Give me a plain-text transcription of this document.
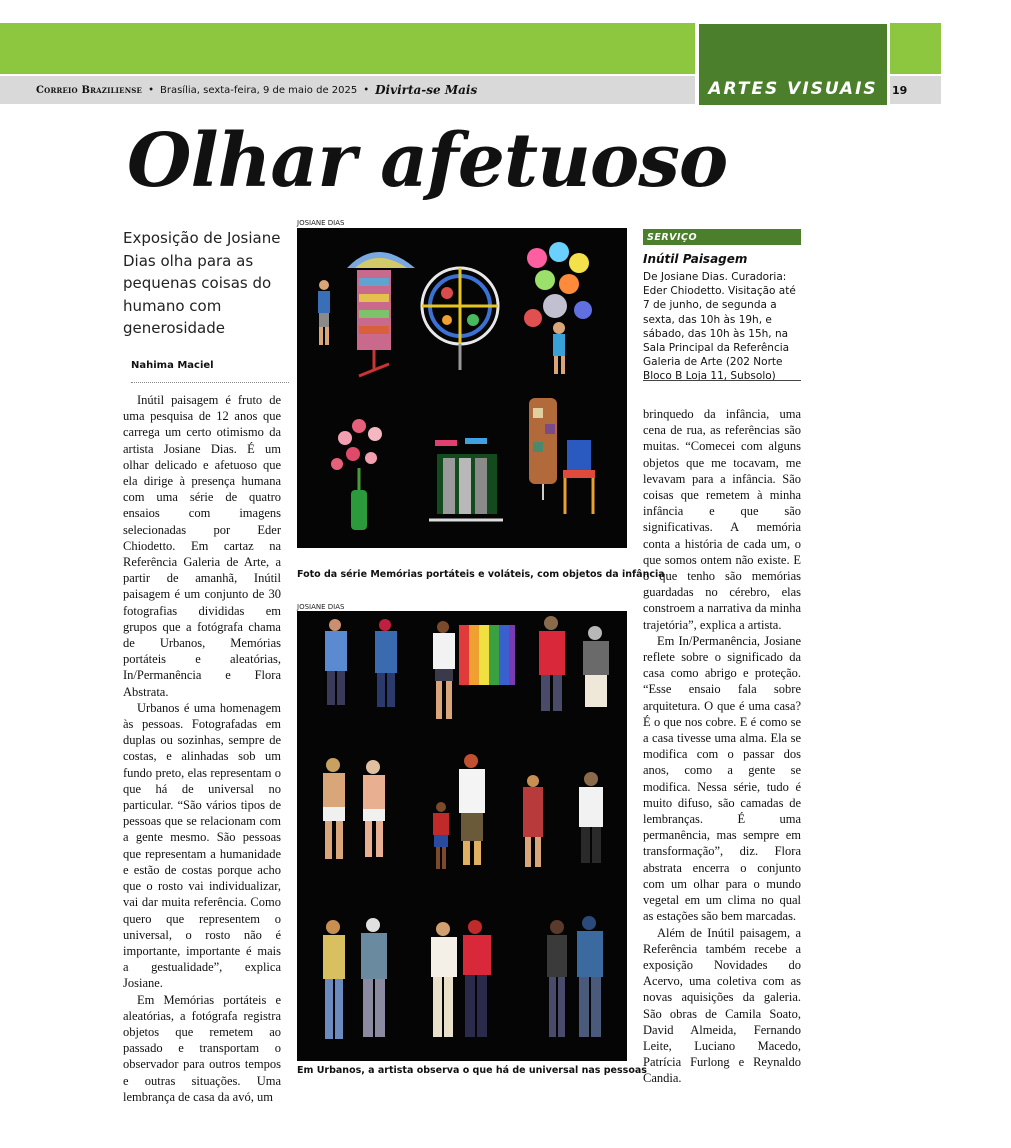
ARTES VISUAIS
Correio Braziliense • Brasília, sexta-feira, 9 de maio de 2025 • Divirta-se Mais	19
Olhar afetuoso
Exposição de Josiane Dias olha para as pequenas coisas do humano com generosidade
Nahima Maciel

Inútil paisagem é fruto de uma pesquisa de 12 anos que carrega um certo otimismo da artista Josiane Dias. É um olhar delicado e afetuoso que ela dirige à presença humana com uma série de quatro ensaios com imagens selecionadas por Eder Chiodetto. Em cartaz na Referência Galeria de Arte, a partir de amanhã, Inútil paisagem é um conjunto de 30 fotografias divididas em grupos que a fotógrafa chama de Urbanos, Memórias portáteis e aleatórias, In/Permanência e Flora Abstrata.

Urbanos é uma homenagem às pessoas. Fotografadas em duplas ou sozinhas, sempre de costas, e alinhadas sob um fundo preto, elas representam o que há de universal no particular. “São vários tipos de pessoas que se relacionam com a gente mesmo. São pessoas que representam a humanidade e estão de costas porque acho que o rosto vai individualizar, vai dar muita referência. Como quero que representem o universal, o rosto não é importante, importante é mais a gestualidade”, explica Josiane.

Em Memórias portáteis e aleatórias, a fotógrafa registra objetos que remetem ao passado e transportam o observador para outros tempos e outras situações. Uma lembrança de casa da avó, um

brinquedo da infância, uma cena de rua, as referências são muitas. “Comecei com alguns objetos que me tocavam, me levavam para a infância. São coisas que remetem à minha infância e que são significativas. A memória conta a história de cada um, o que somos ontem não existe. E o que tenho são memórias guardadas no cérebro, elas constroem a narrativa da minha trajetória”, explica a artista.

Em In/Permanência, Josiane reflete sobre o significado da casa como abrigo e proteção. “Esse ensaio fala sobre arquitetura. O que é uma casa? É o que nos cobre. E é como se a casa tivesse uma alma. Ela se modifica com o passar dos anos, como a gente se modifica. Nessa série, tudo é muito difuso, são camadas de lembranças. É uma permanência, mas sempre em transformação”, diz. Flora abstrata encerra o conjunto com um olhar para o mundo vegetal em um clima no qual as estações são bem marcadas.

Além de Inútil paisagem, a Referência também recebe a exposição Novidades do Acervo, uma coletiva com as novas aquisições da galeria. São obras de Camila Soato, David Almeida, Fernando Leite, Luciano Macedo, Patrícia Furlong e Reynaldo Candia.

JOSIANE DIAS
Foto da série Memórias portáteis e voláteis, com objetos da infância
JOSIANE DIAS
Em Urbanos, a artista observa o que há de universal nas pessoas
SERVIÇO
Inútil Paisagem
De Josiane Dias. Curadoria: Eder Chiodetto. Visitação até 7 de junho, de segunda a sexta, das 10h às 19h, e sábado, das 10h às 15h, na Sala Principal da Referência Galeria de Arte (202 Norte Bloco B Loja 11, Subsolo)
